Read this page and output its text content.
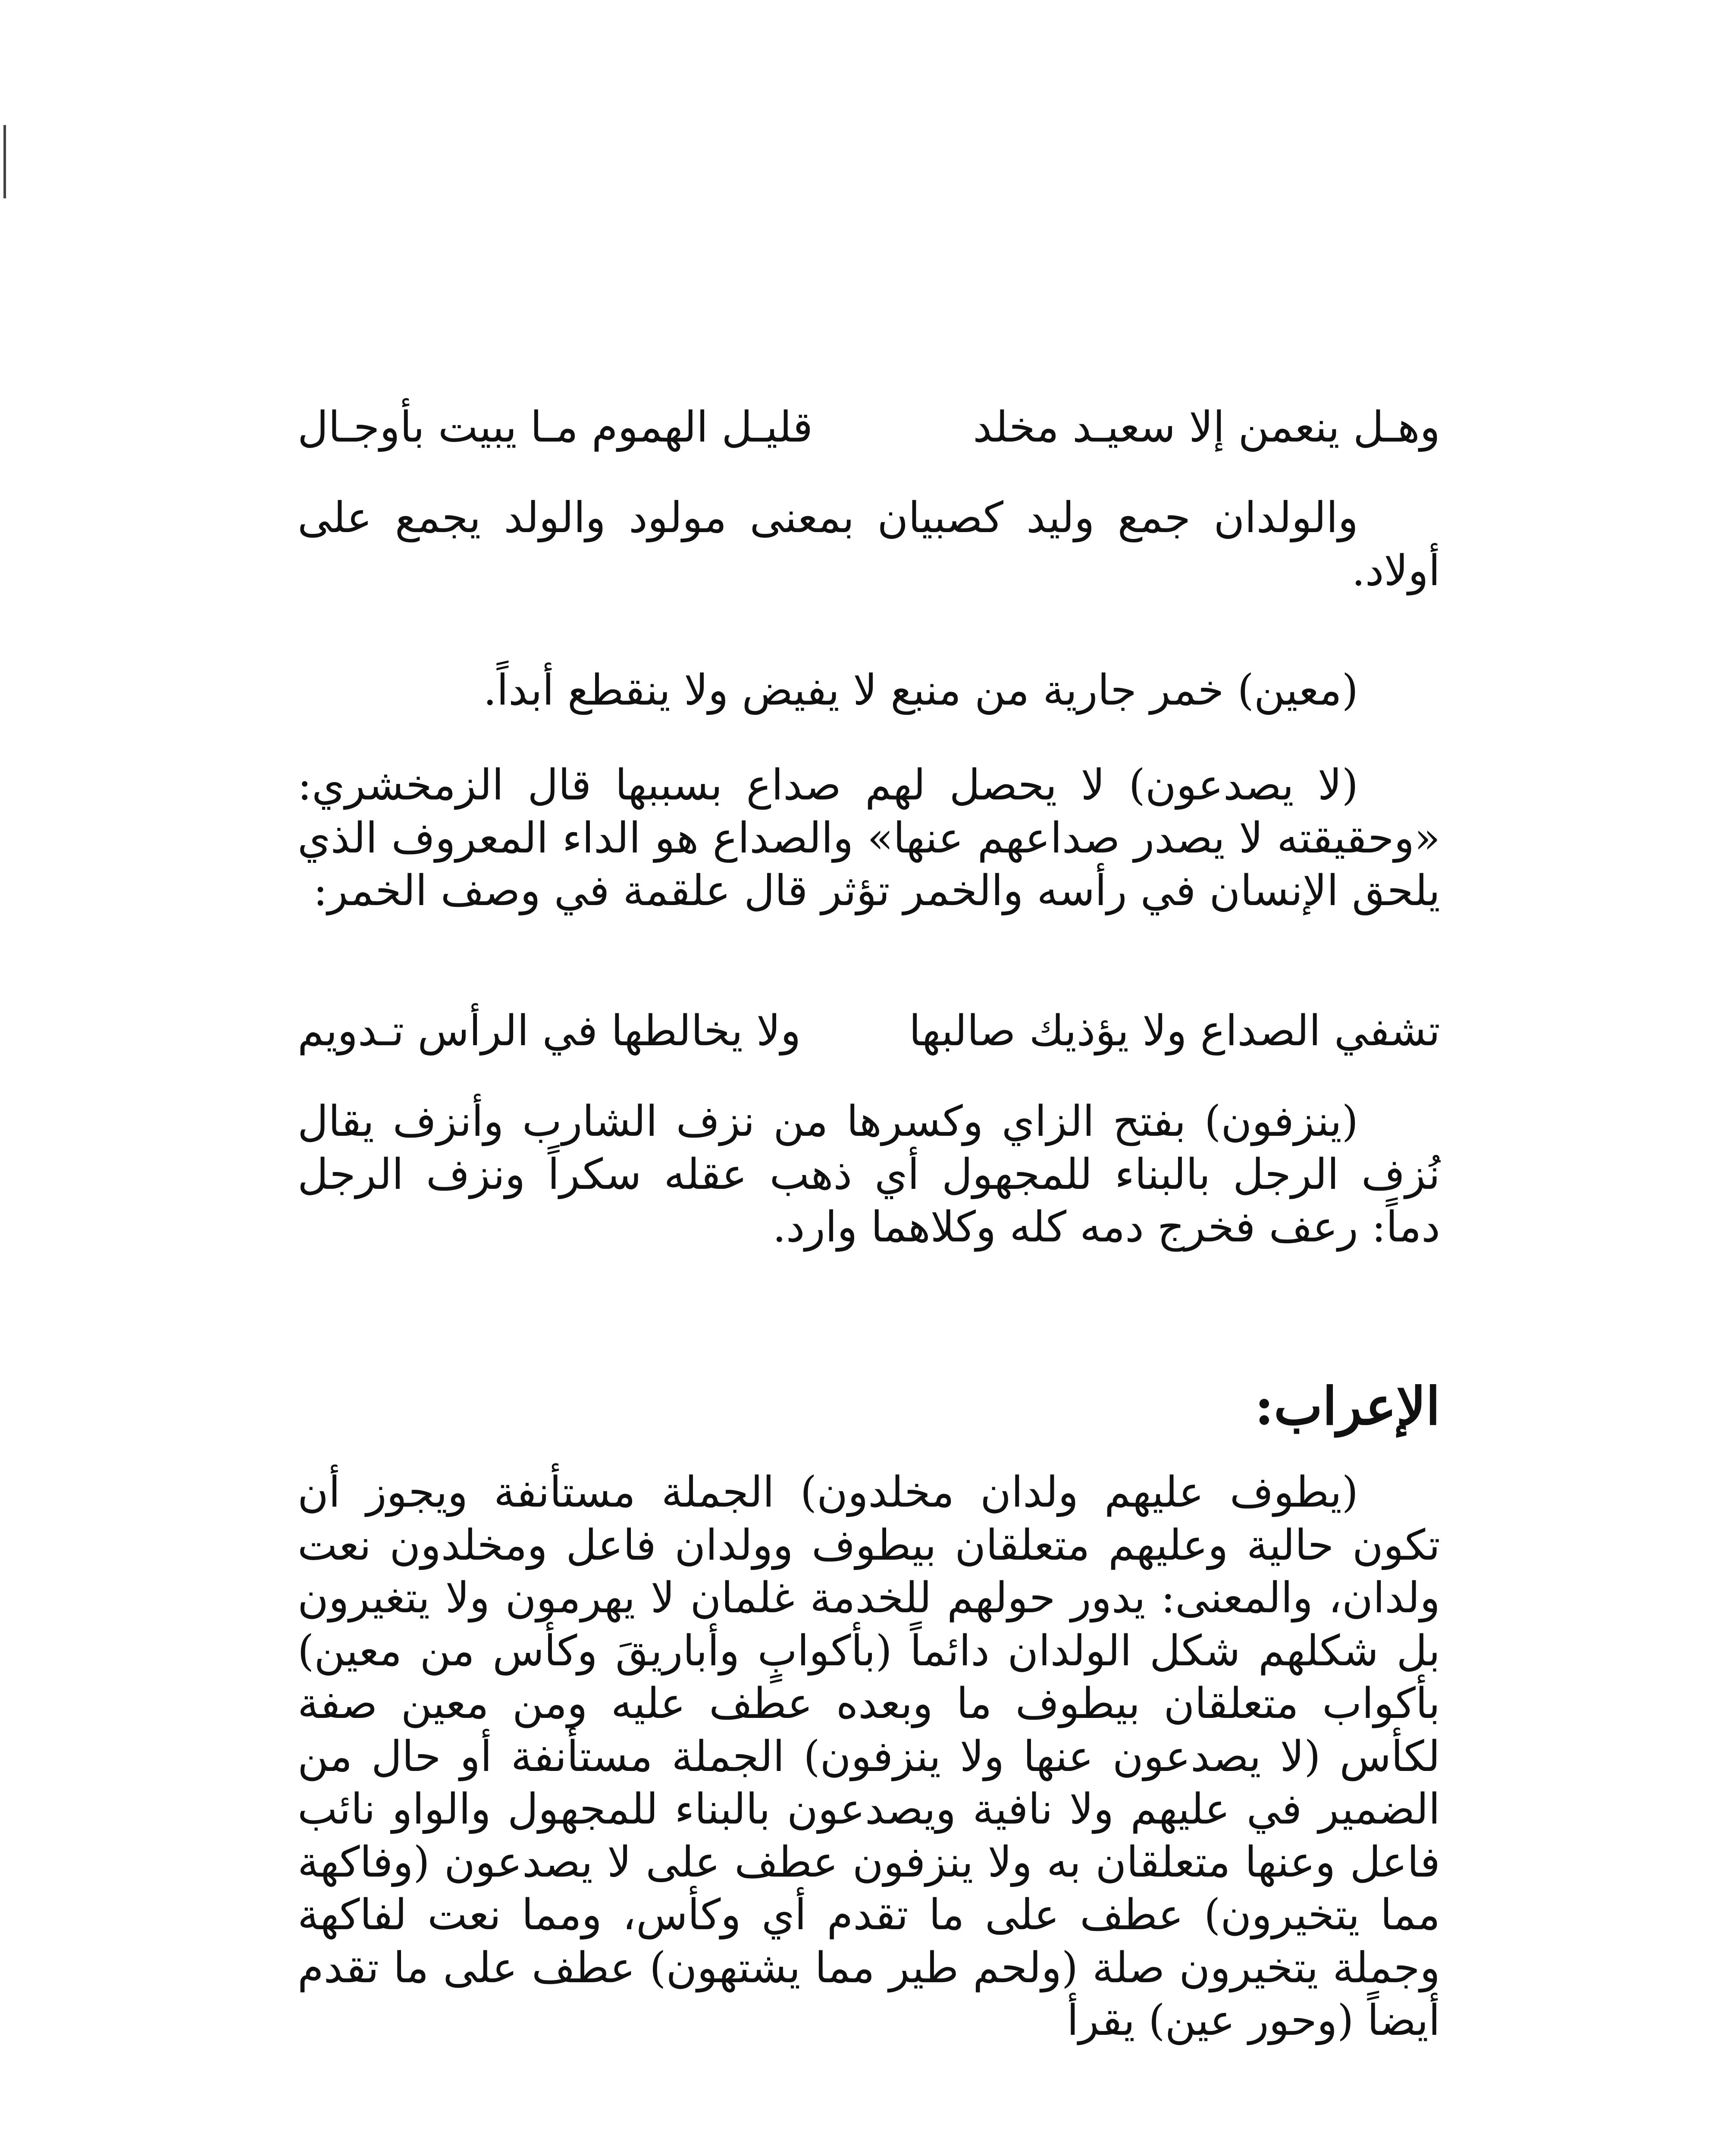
وهـل ينعمن إلا سعيـد مخلد
قليـل الهموم مـا يبيت بأوجـال
والولدان جمع وليد كصبيان بمعنى مولود والولد يجمع على أولاد.
(معين) خمر جارية من منبع لا يفيض ولا ينقطع أبداً.
(لا يصدعون) لا يحصل لهم صداع بسببها قال الزمخشري: «وحقيقته لا يصدر صداعهم عنها» والصداع هو الداء المعروف الذي يلحق الإنسان في رأسه والخمر تؤثر قال علقمة في وصف الخمر:
تشفي الصداع ولا يؤذيك صالبها
ولا يخالطها في الرأس تـدويم
(ينزفون) بفتح الزاي وكسرها من نزف الشارب وأنزف يقال نُزف الرجل بالبناء للمجهول أي ذهب عقله سكراً ونزف الرجل دماً: رعف فخرج دمه كله وكلاهما وارد.
الإعراب:
(يطوف عليهم ولدان مخلدون) الجملة مستأنفة ويجوز أن تكون حالية وعليهم متعلقان بيطوف وولدان فاعل ومخلدون نعت ولدان، والمعنى: يدور حولهم للخدمة غلمان لا يهرمون ولا يتغيرون بل شكلهم شكل الولدان دائماً (بأكوابٍ وأباريقَ وكأس من معين) بأكواب متعلقان بيطوف ما وبعده عطف عليه ومن معين صفة لكأس (لا يصدعون عنها ولا ينزفون) الجملة مستأنفة أو حال من الضمير في عليهم ولا نافية ويصدعون بالبناء للمجهول والواو نائب فاعل وعنها متعلقان به ولا ينزفون عطف على لا يصدعون (وفاكهة مما يتخيرون) عطف على ما تقدم أي وكأس، ومما نعت لفاكهة وجملة يتخيرون صلة (ولحم طير مما يشتهون) عطف على ما تقدم أيضاً (وحور عين) يقرأ
